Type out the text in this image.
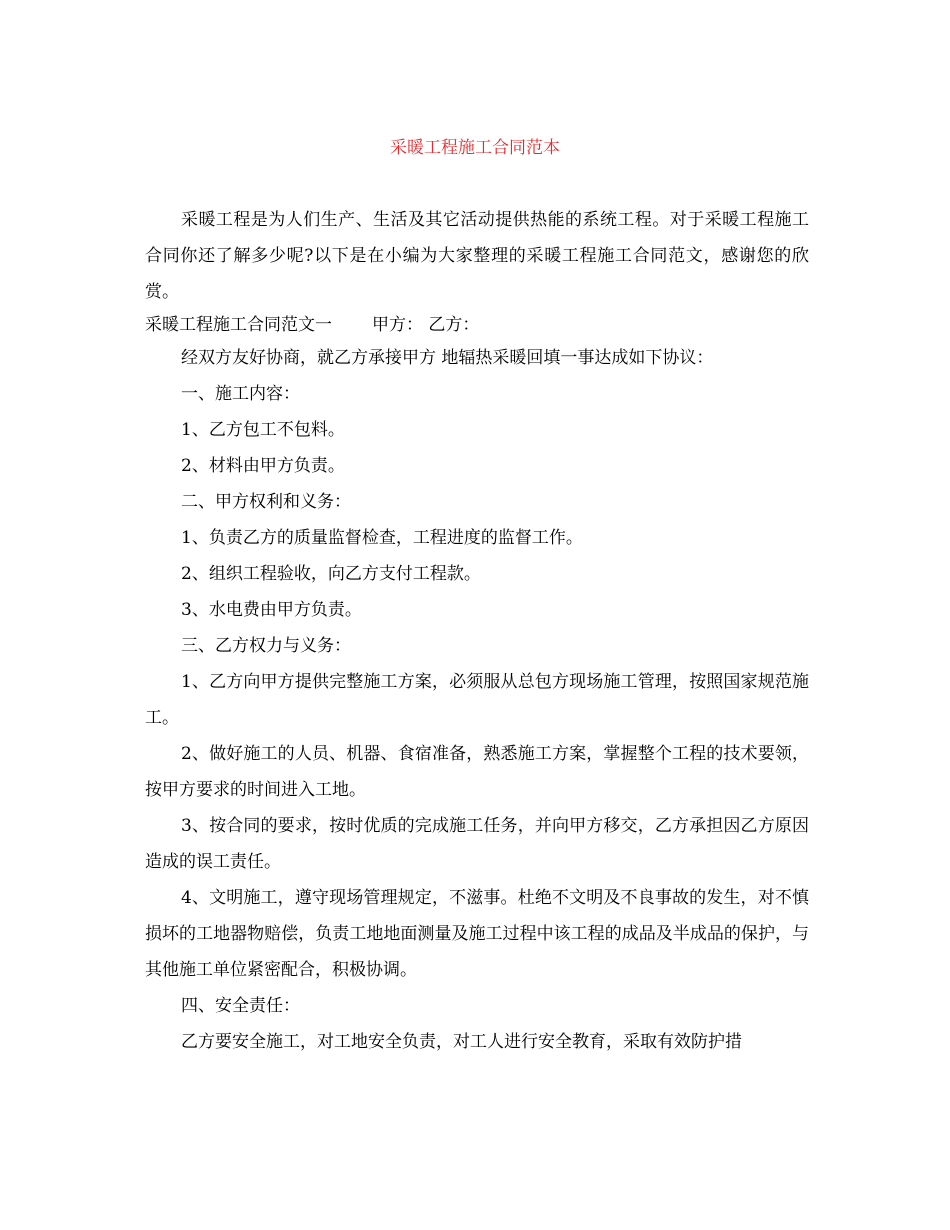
采暖工程施工合同范本

采暖工程是为人们生产、生活及其它活动提供热能的系统工程。对于采暖工程施工合同你还了解多少呢?以下是在小编为大家整理的采暖工程施工合同范文，感谢您的欣赏。

采暖工程施工合同范文一 甲方： 乙方：

经双方友好协商，就乙方承接甲方 地辐热采暖回填一事达成如下协议：

一、施工内容：

1、乙方包工不包料。

2、材料由甲方负责。

二、甲方权利和义务：

1、负责乙方的质量监督检查，工程进度的监督工作。

2、组织工程验收，向乙方支付工程款。

3、水电费由甲方负责。

三、乙方权力与义务：

1、乙方向甲方提供完整施工方案，必须服从总包方现场施工管理，按照国家规范施工。

2、做好施工的人员、机器、食宿准备，熟悉施工方案，掌握整个工程的技术要领，按甲方要求的时间进入工地。

3、按合同的要求，按时优质的完成施工任务，并向甲方移交，乙方承担因乙方原因造成的误工责任。

4、文明施工，遵守现场管理规定，不滋事。杜绝不文明及不良事故的发生，对不慎损坏的工地器物赔偿，负责工地地面测量及施工过程中该工程的成品及半成品的保护，与其他施工单位紧密配合，积极协调。

四、安全责任：

乙方要安全施工，对工地安全负责，对工人进行安全教育，采取有效防护措
